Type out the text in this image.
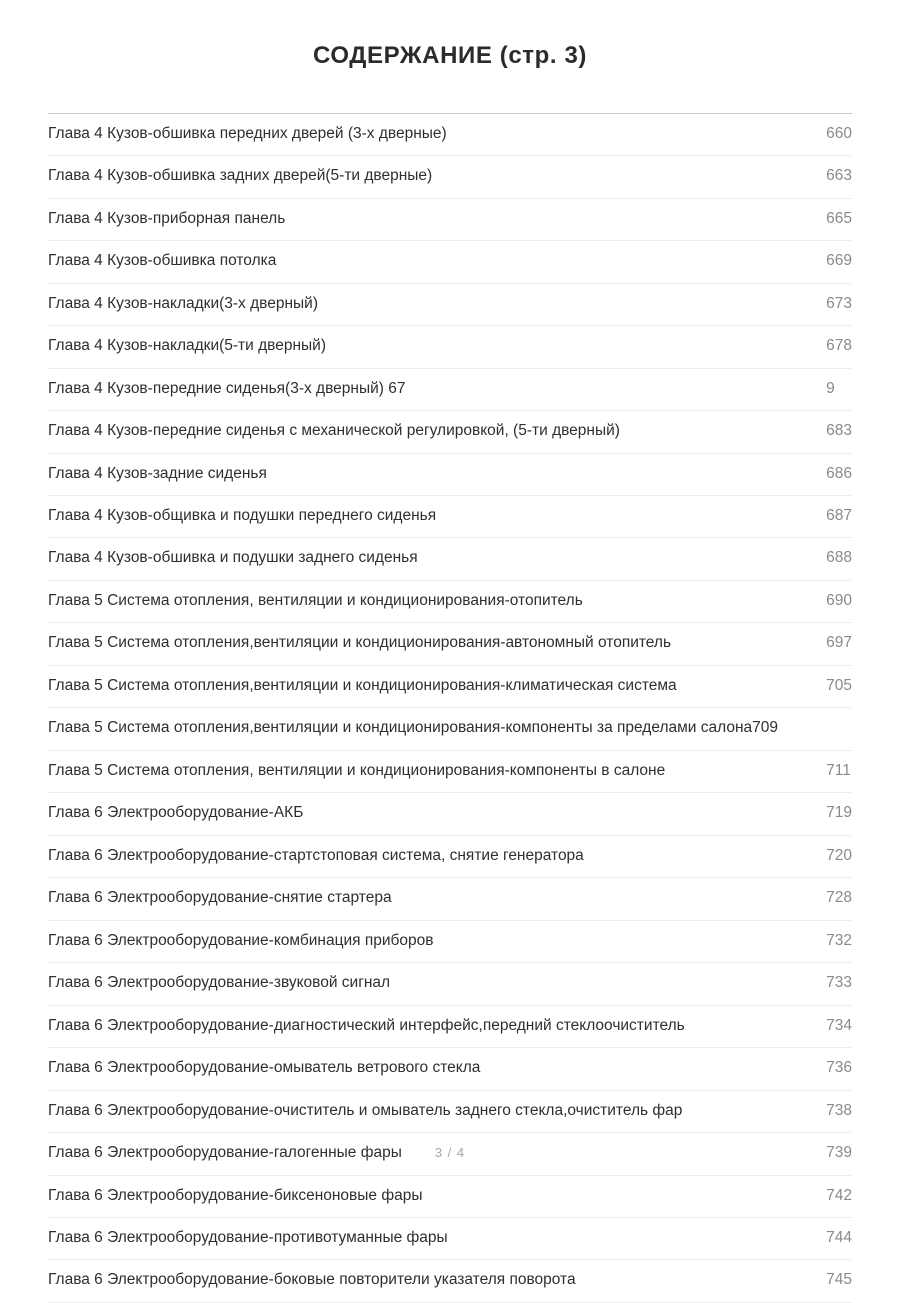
СОДЕРЖАНИЕ (стр. 3)
Глава 4 Кузов-обшивка передних дверей (3-х дверные)	660
Глава 4 Кузов-обшивка задних дверей(5-ти дверные)	663
Глава 4 Кузов-приборная панель	665
Глава 4 Кузов-обшивка потолка	669
Глава 4 Кузов-накладки(3-х дверный)	673
Глава 4 Кузов-накладки(5-ти дверный)	678
Глава 4 Кузов-передние сиденья(3-х дверный) 67	9
Глава 4 Кузов-передние сиденья с механической регулировкой, (5-ти дверный)	683
Глава 4 Кузов-задние сиденья	686
Глава 4 Кузов-общивка и подушки переднего сиденья	687
Глава 4 Кузов-обшивка и подушки заднего сиденья	688
Глава 5 Система отопления, вентиляции и кондиционирования-отопитель	690
Глава 5 Система отопления,вентиляции и кондиционирования-автономный отопитель	697
Глава 5 Система отопления,вентиляции и кондиционирования-климатическая система	705
Глава 5 Система отопления,вентиляции и кондиционирования-компоненты за пределами салона709	
Глава 5 Система отопления, вентиляции и кондиционирования-компоненты в салоне	711
Глава 6 Электрооборудование-АКБ	719
Глава 6 Электрооборудование-стартстоповая система, снятие генератора	720
Глава 6 Электрооборудование-снятие стартера	728
Глава 6 Электрооборудование-комбинация приборов	732
Глава 6 Электрооборудование-звуковой сигнал	733
Глава 6 Электрооборудование-диагностический интерфейс,передний стеклоочиститель	734
Глава 6 Электрооборудование-омыватель ветрового стекла	736
Глава 6 Электрооборудование-очиститель и омыватель заднего стекла,очиститель фар	738
Глава 6 Электрооборудование-галогенные фары	739
Глава 6 Электрооборудование-биксеноновые фары	742
Глава 6 Электрооборудование-противотуманные фары	744
Глава 6 Электрооборудование-боковые повторители указателя поворота	745
3 / 4
